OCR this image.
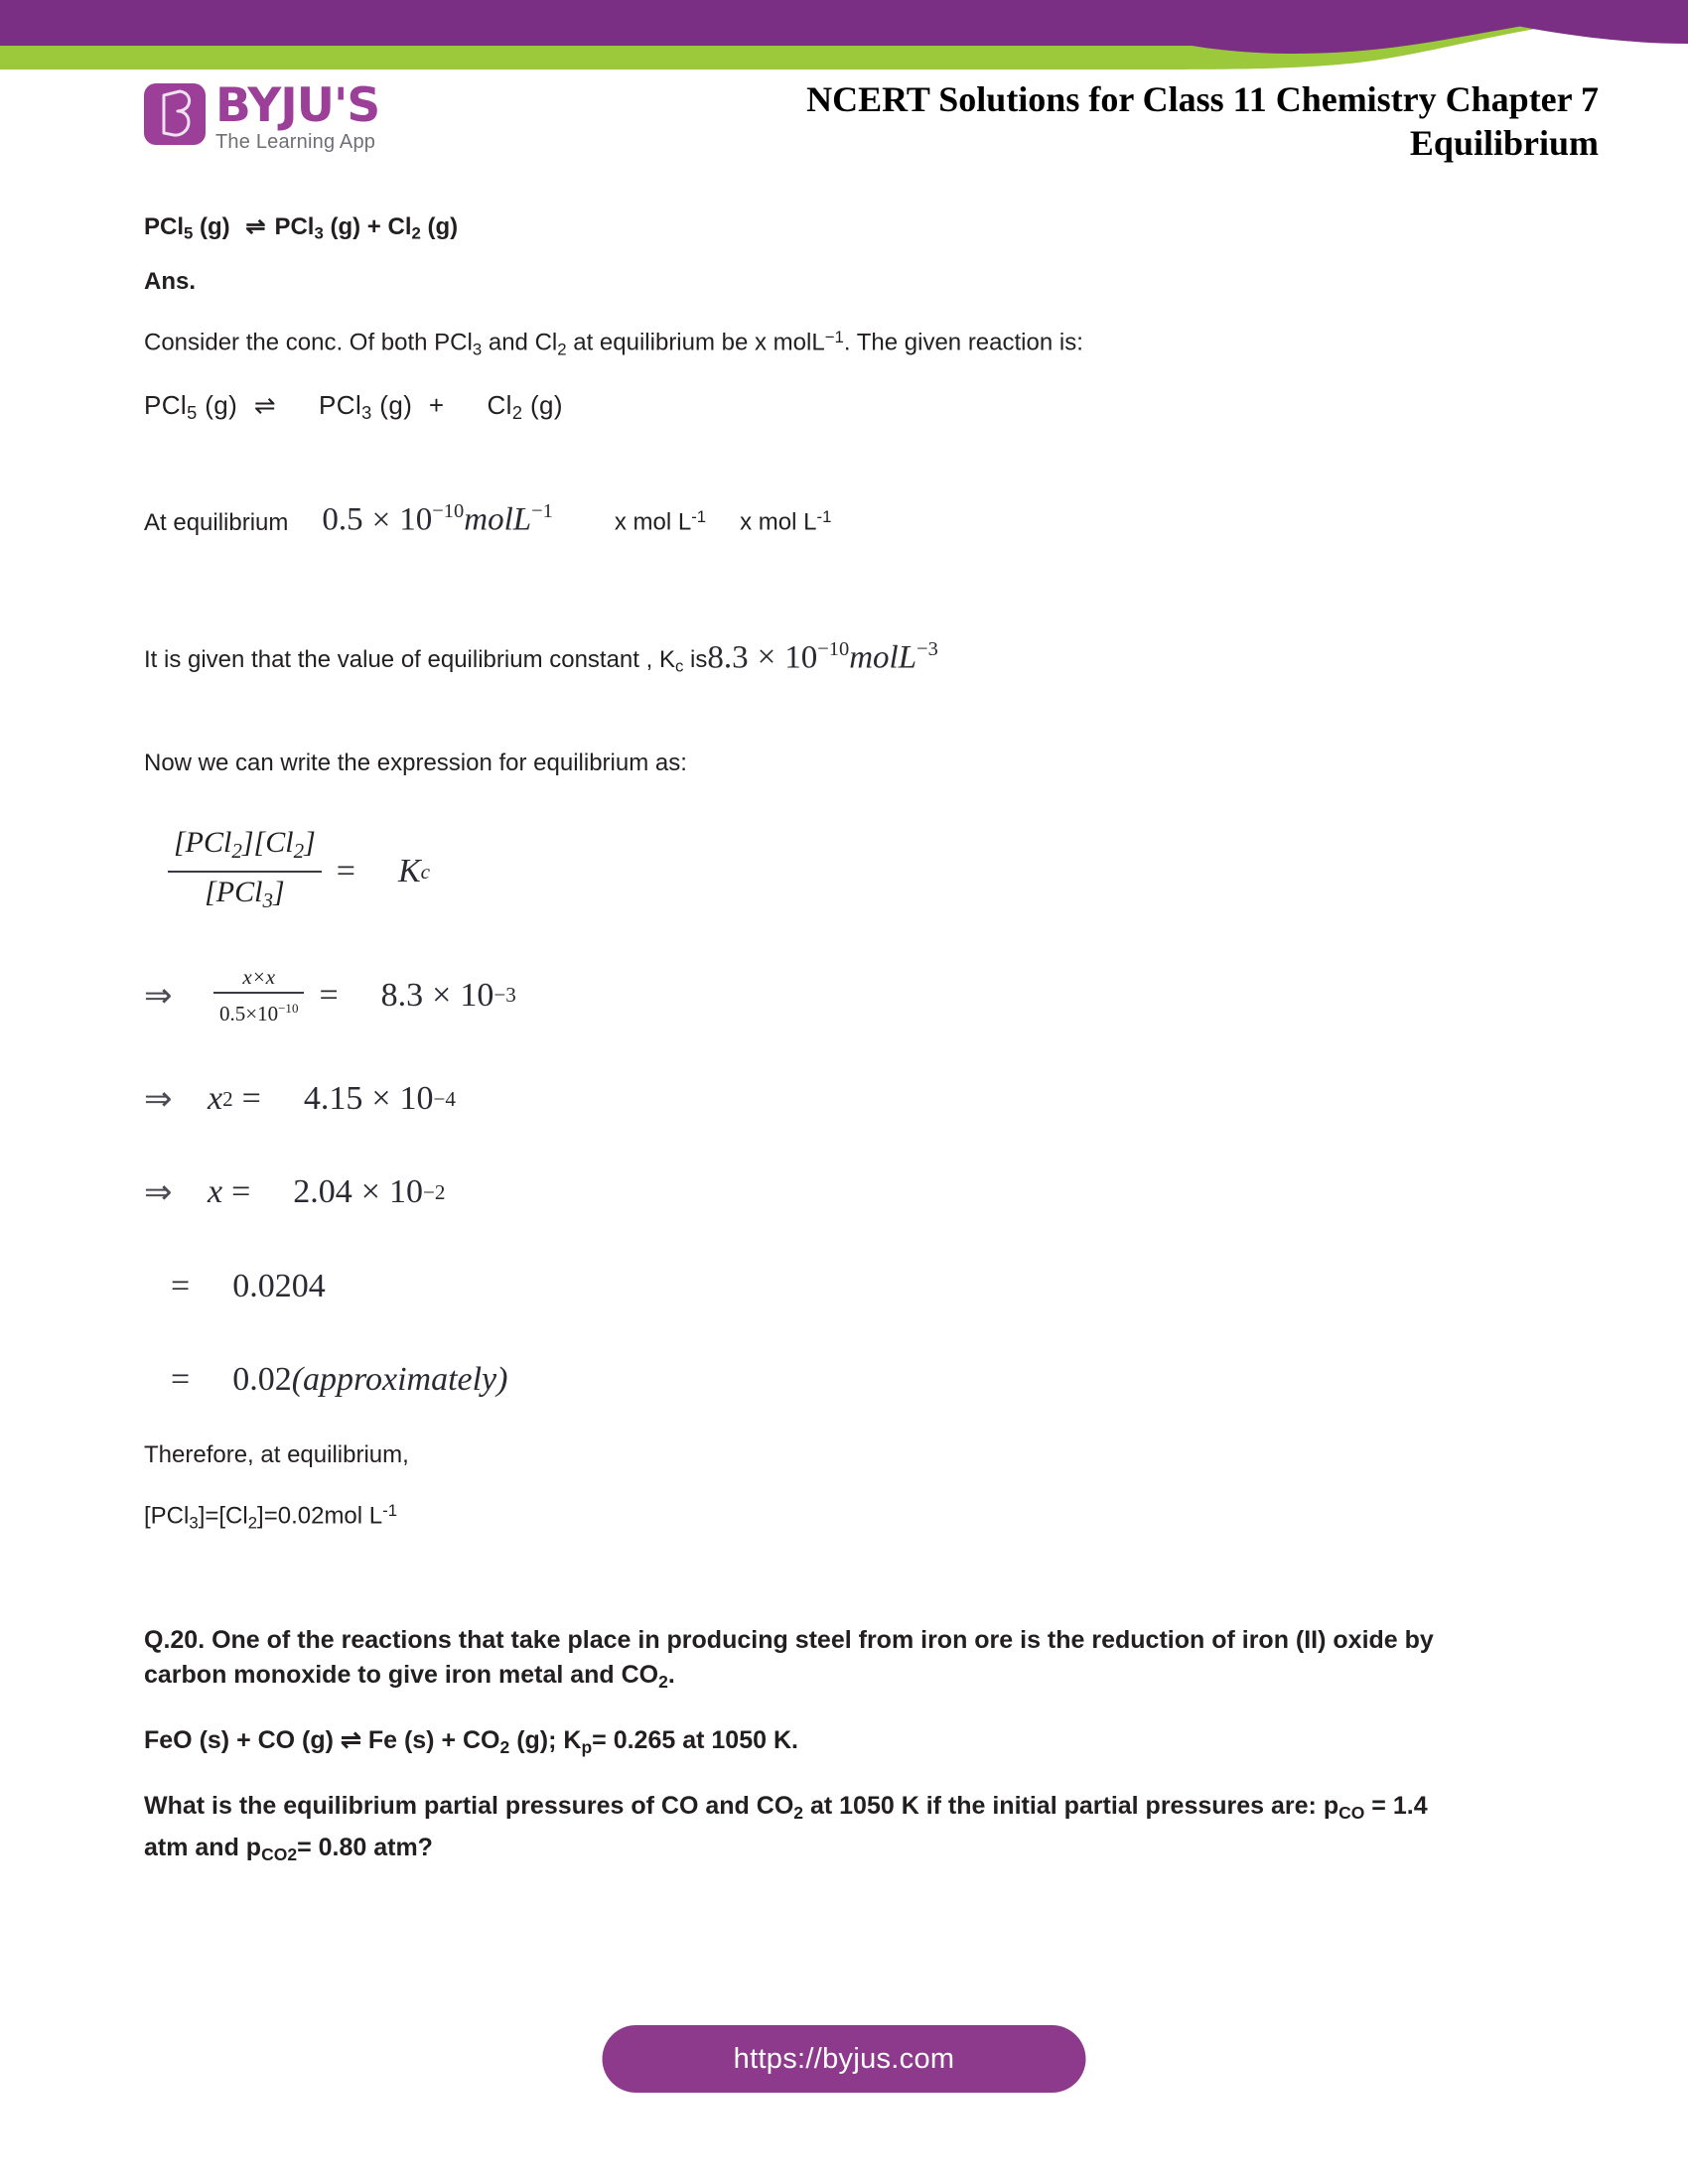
BYJU'S
The Learning App
NCERT Solutions for Class 11 Chemistry Chapter 7
Equilibrium

PCl$_5$ (g) ⇌ PCl$_3$ $(g) + Cl_2$ (g)

Ans.

Consider the conc. Of both PCl$_3$ and $Cl_2$ at equilibrium be x molL$^{-1}$. The given reaction is:

PCl$_5$ (g) ⇌ PCl$_3$ $(g) + Cl_2$ (g)

At equilibrium $0.5 \times 10^{-10}molL^{-1}$	x mol $L^{-1}$ x mol $L^{-1}$
It is given that the value of equilibrium constant , $K_c$ is $8.3 \times 10^{-10}molL^{-3}$

Now we can write the expression for equilibrium as:

$\frac{[PCl_2][Cl_2]}{[PCl_3]} = K$ c
⇒	$\frac{x\times x}{0.5\times 10^{-10}} = 8.3 \times 10 -3$
⇒	x 2 = 4.15 × 10 −4
⇒	x = 2.04 × 10 −2
= 0.0204
= 0.02 (approximately)

Therefore, at equilibrium,

$[PCl_3]=[Cl_2]=0.02mol$ $L^{-1}$

Q.20. One of the reactions that take place in producing steel from iron ore is the reduction of iron (II) oxide by carbon monoxide to give iron metal and $CO_2$.

FeO (s) + CO (g) ⇌ Fe $(s) + CO_2$ (g); $K_p= 0.265$ at 1050 K.

What is the equilibrium partial pressures of CO and $CO_2$ at 1050 K if the initial partial pressures are: $p_{CO} = 1.4$ atm and $p_{CO2}= 0.80$ atm?

https://byjus.com
